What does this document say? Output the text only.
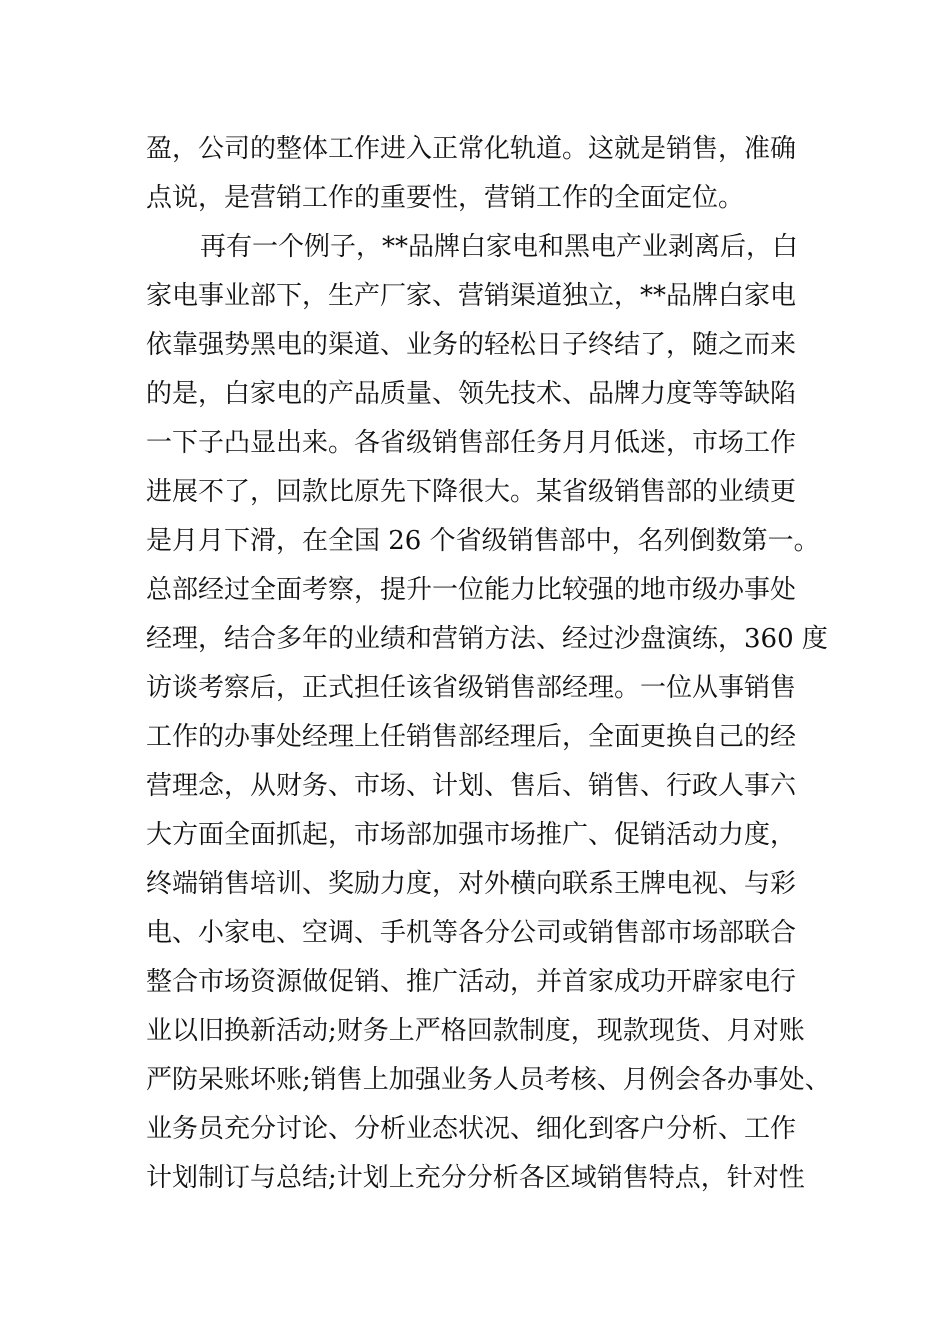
盈，公司的整体工作进入正常化轨道。这就是销售，准确
点说，是营销工作的重要性，营销工作的全面定位。
再有一个例子，**品牌白家电和黑电产业剥离后，白
家电事业部下，生产厂家、营销渠道独立，**品牌白家电
依靠强势黑电的渠道、业务的轻松日子终结了，随之而来
的是，白家电的产品质量、领先技术、品牌力度等等缺陷
一下子凸显出来。各省级销售部任务月月低迷，市场工作
进展不了，回款比原先下降很大。某省级销售部的业绩更
是月月下滑，在全国 26 个省级销售部中，名列倒数第一。
总部经过全面考察，提升一位能力比较强的地市级办事处
经理，结合多年的业绩和营销方法、经过沙盘演练，360 度
访谈考察后，正式担任该省级销售部经理。一位从事销售
工作的办事处经理上任销售部经理后，全面更换自己的经
营理念，从财务、市场、计划、售后、销售、行政人事六
大方面全面抓起，市场部加强市场推广、促销活动力度，
终端销售培训、奖励力度，对外横向联系王牌电视、与彩
电、小家电、空调、手机等各分公司或销售部市场部联合
整合市场资源做促销、推广活动，并首家成功开辟家电行
业以旧换新活动;财务上严格回款制度，现款现货、月对账
严防呆账坏账;销售上加强业务人员考核、月例会各办事处、
业务员充分讨论、分析业态状况、细化到客户分析、工作
计划制订与总结;计划上充分分析各区域销售特点，针对性
